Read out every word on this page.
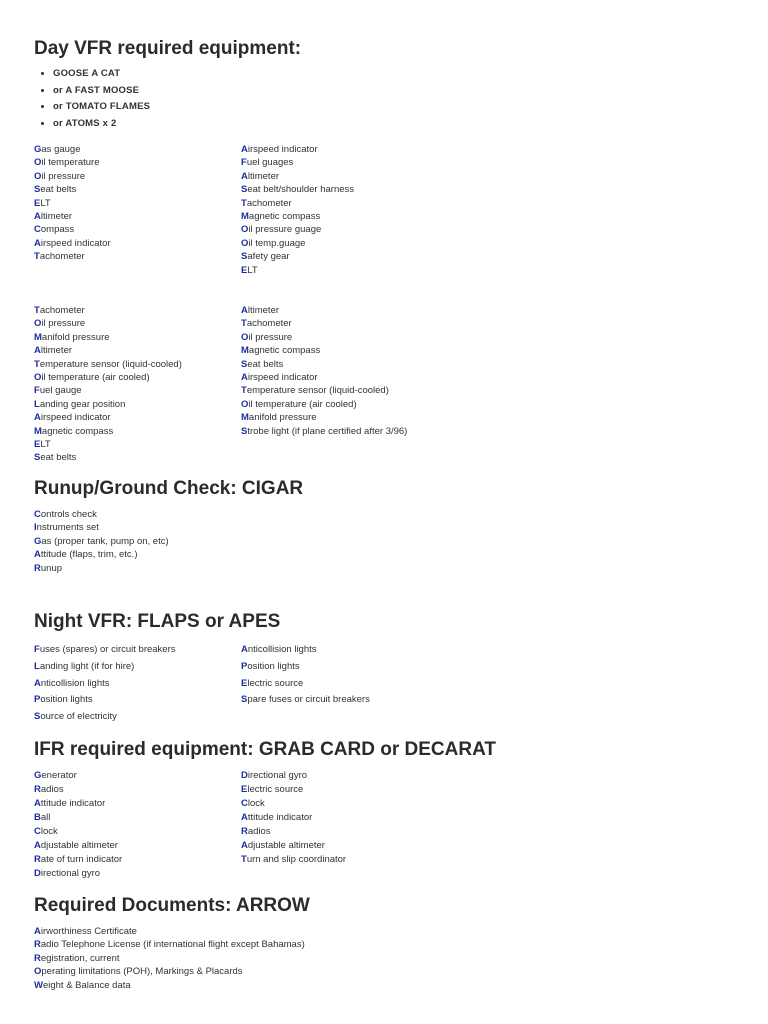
Day VFR required equipment:
• GOOSE A CAT
• or A FAST MOOSE
• or TOMATO FLAMES
• or ATOMS x 2
Gas gauge
Oil temperature
Oil pressure
Seat belts
ELT
Altimeter
Compass
Airspeed indicator
Tachometer
Airspeed indicator
Fuel guages
Altimeter
Seat belt/shoulder harness
Tachometer
Magnetic compass
Oil pressure guage
Oil temp.guage
Safety gear
ELT
Tachometer
Oil pressure
Manifold pressure
Altimeter
Temperature sensor (liquid-cooled)
Oil temperature (air cooled)
Fuel gauge
Landing gear position
Airspeed indicator
Magnetic compass
ELT
Seat belts
Altimeter
Tachometer
Oil pressure
Magnetic compass
Seat belts
Airspeed indicator
Temperature sensor (liquid-cooled)
Oil temperature (air cooled)
Manifold pressure
Strobe light (if plane certified after 3/96)
Runup/Ground Check: CIGAR
Controls check
Instruments set
Gas (proper tank, pump on, etc)
Attitude (flaps, trim, etc.)
Runup
Night VFR: FLAPS or APES
Fuses (spares) or circuit breakers
Landing light (if for hire)
Anticollision lights
Position lights
Source of electricity
Anticollision lights
Position lights
Electric source
Spare fuses or circuit breakers
IFR required equipment: GRAB CARD or DECARAT
Generator
Radios
Attitude indicator
Ball
Clock
Adjustable altimeter
Rate of turn indicator
Directional gyro
Directional gyro
Electric source
Clock
Attitude indicator
Radios
Adjustable altimeter
Turn and slip coordinator
Required Documents: ARROW
Airworthiness Certificate
Radio Telephone License (if international flight except Bahamas)
Registration, current
Operating limitations (POH), Markings & Placards
Weight & Balance data
